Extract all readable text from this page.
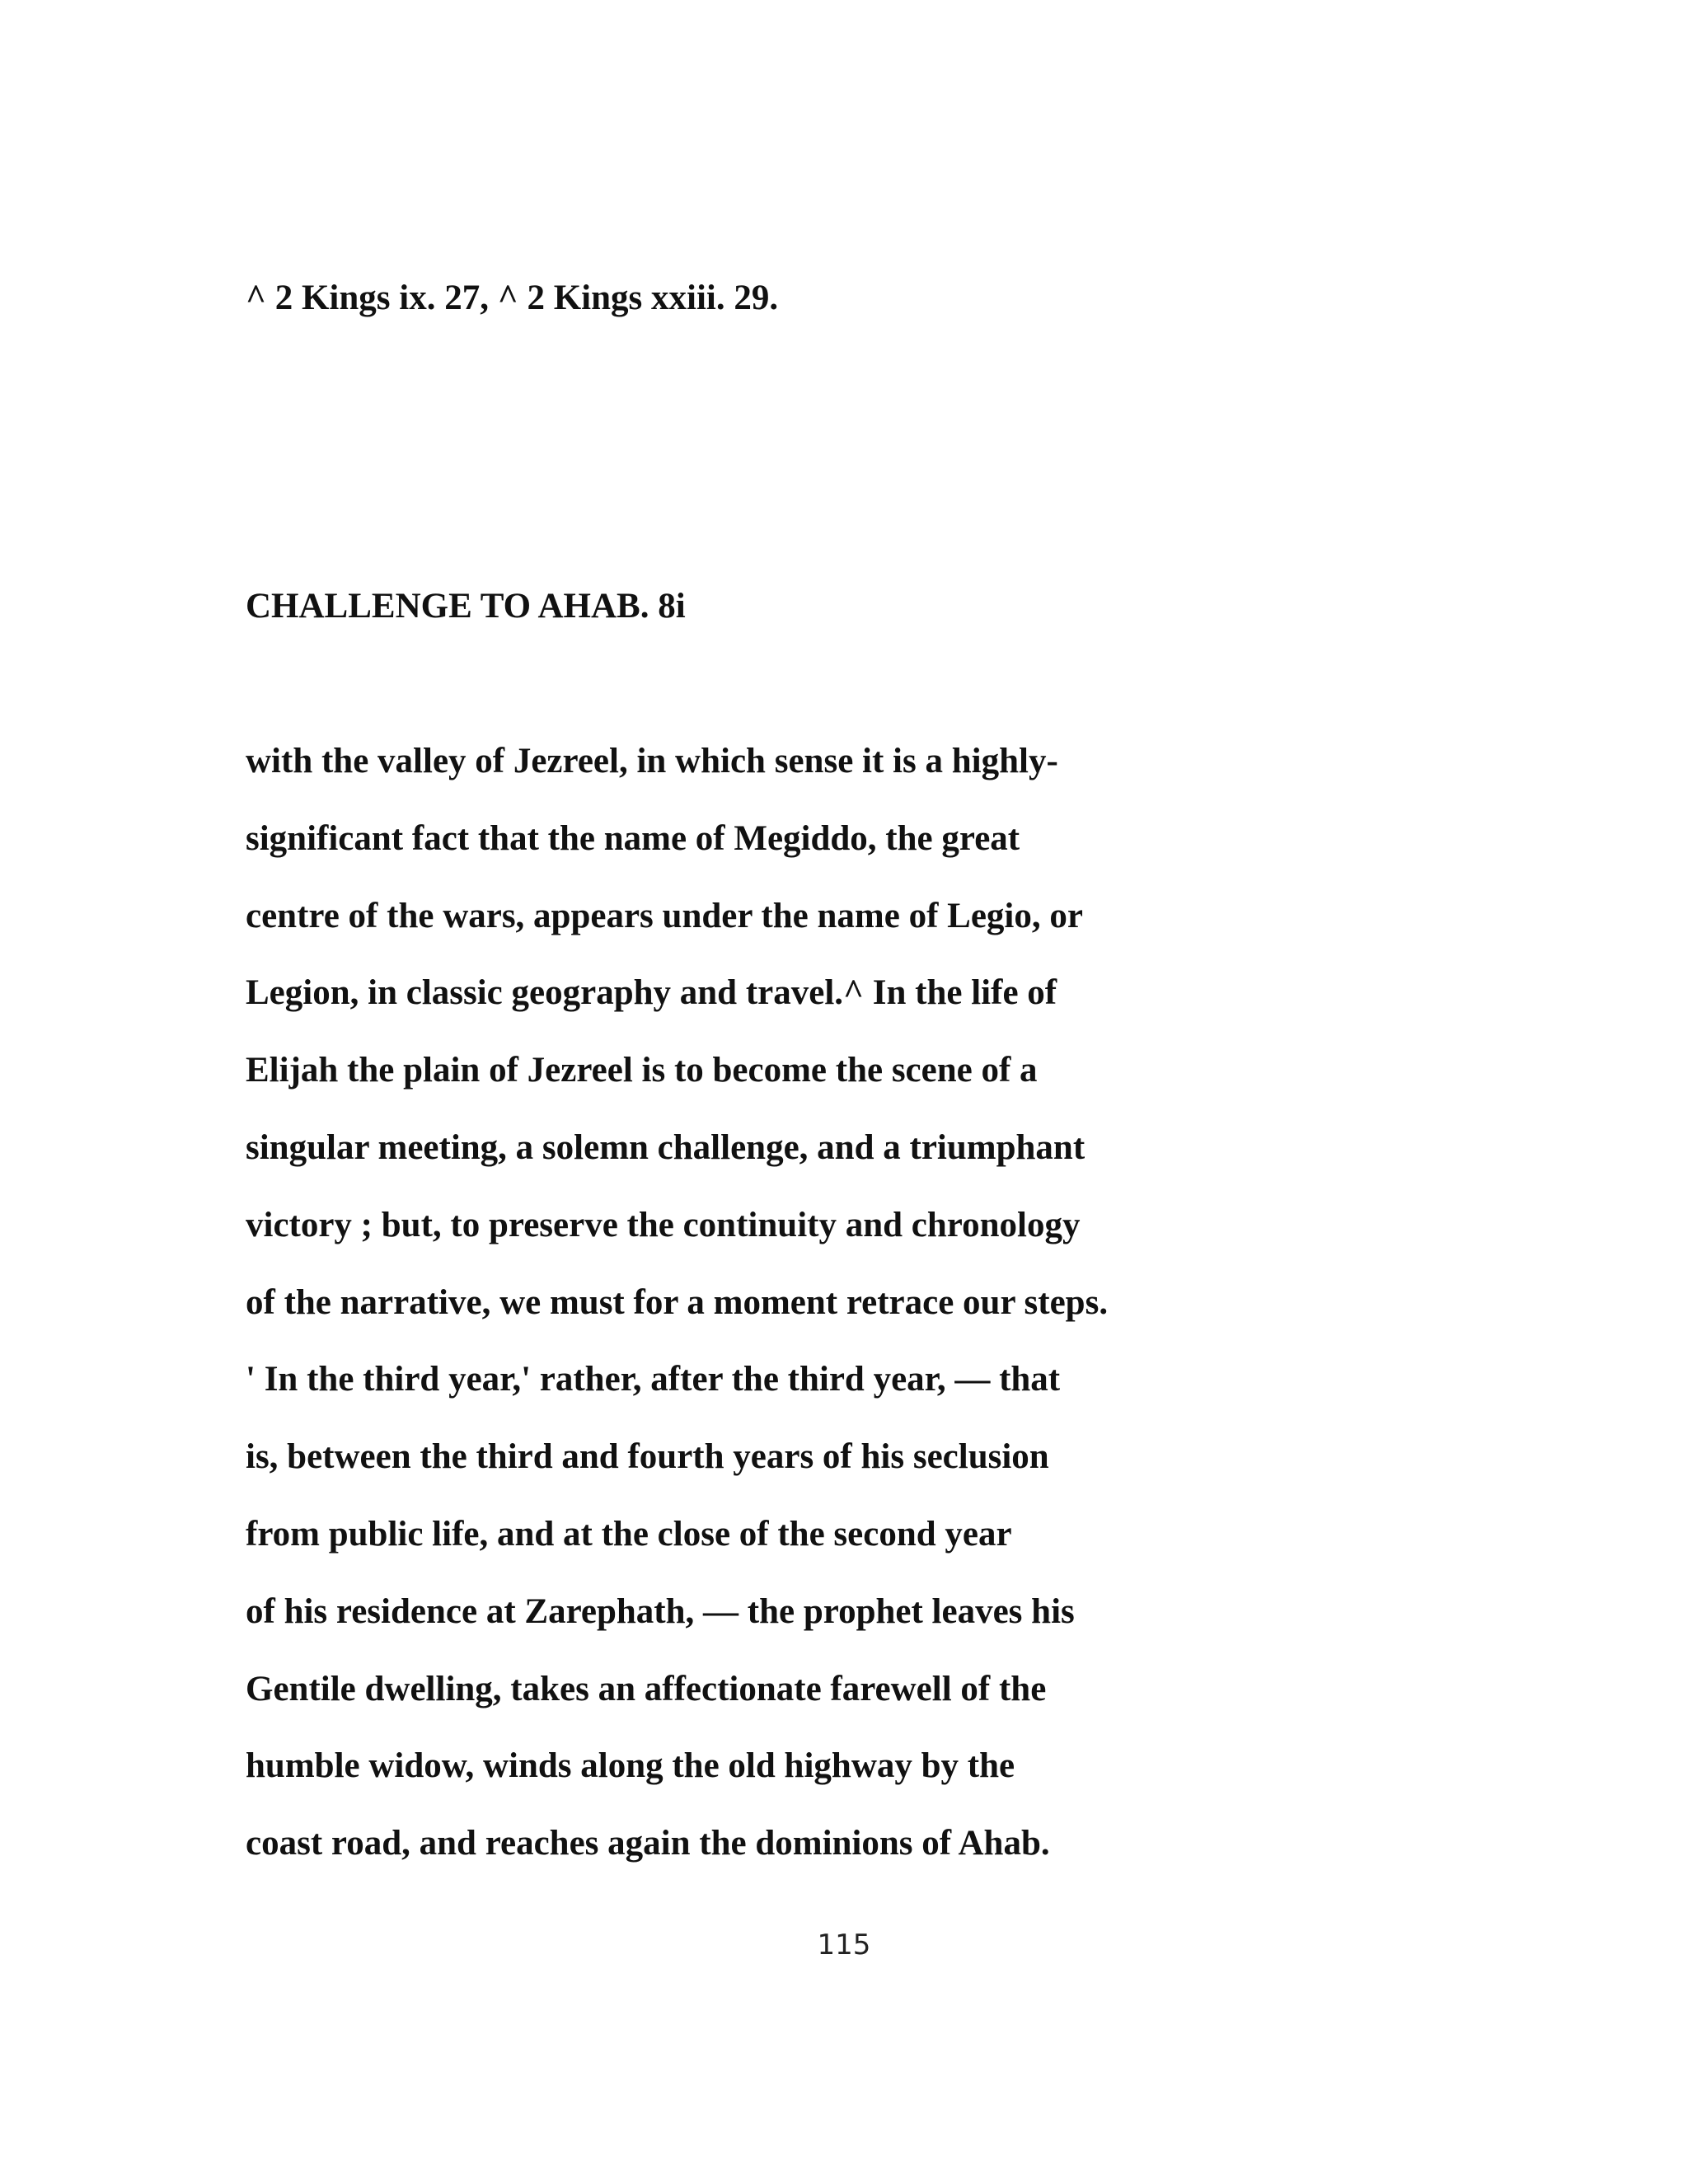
^ 2 Kings ix. 27, ^ 2 Kings xxiii. 29.
CHALLENGE TO AHAB. 8i
with the valley of Jezreel, in which sense it is a highly-
significant fact that the name of Megiddo, the great
centre of the wars, appears under the name of Legio, or
Legion, in classic geography and travel.^ In the life of
Elijah the plain of Jezreel is to become the scene of a
singular meeting, a solemn challenge, and a triumphant
victory ; but, to preserve the continuity and chronology
of the narrative, we must for a moment retrace our steps.
' In the third year,' rather, after the third year, — that
is, between the third and fourth years of his seclusion
from public life, and at the close of the second year
of his residence at Zarephath, — the prophet leaves his
Gentile dwelling, takes an affectionate farewell of the
humble widow, winds along the old highway by the
coast road, and reaches again the dominions of Ahab.
115
